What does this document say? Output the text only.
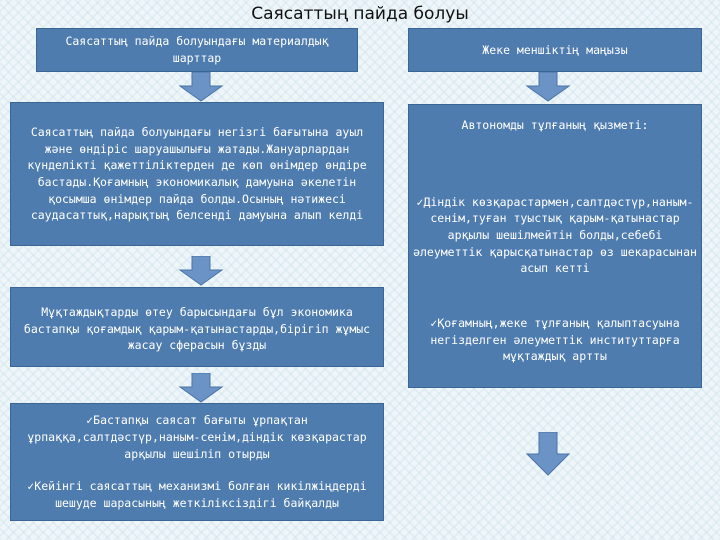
Саясаттың пайда болуы

Саясаттың пайда болуындағы материалдық шарттар

Саясаттың пайда болуындағы негізгі бағытына ауыл және өндіріс шаруашылығы жатады.Жануарлардан күнделікті қажеттіліктерден де көп өнімдер өндіре бастады.Қоғамның экономикалық дамуына әкелетін қосымша өнімдер пайда болды.Осының нәтижесі саудасаттық,нарықтың белсенді дамуына алып келді

Мұқтаждықтарды өтеу барысындағы бұл экономика бастапқы қоғамдық қарым-қатынастарды,бірігіп жұмыс жасау сферасын бұзды

✓ Бастапқы саясат бағыты ұрпақтан ұрпаққа,салтдәстүр,наным-сенім,діндік көзқарастар арқылы шешіліп отырды

✓ Кейінгі саясаттың механизмі болған кикілжіңдерді шешуде шарасының жеткіліксіздігі байқалды

Жеке меншіктің маңызы

Автономды тұлғаның қызметі:

✓ Діндік көзқарастармен,салтдәстүр,наным-сенім,туған туыстық қарым-қатынастар арқылы шешілмейтін болды,себебі әлеуметтік қарысқатынастар өз шекарасынан асып кетті

✓ Қоғамның,жеке тұлғаның қалыптасуына негізделген әлеуметтік институттарға мұқтаждық артты
